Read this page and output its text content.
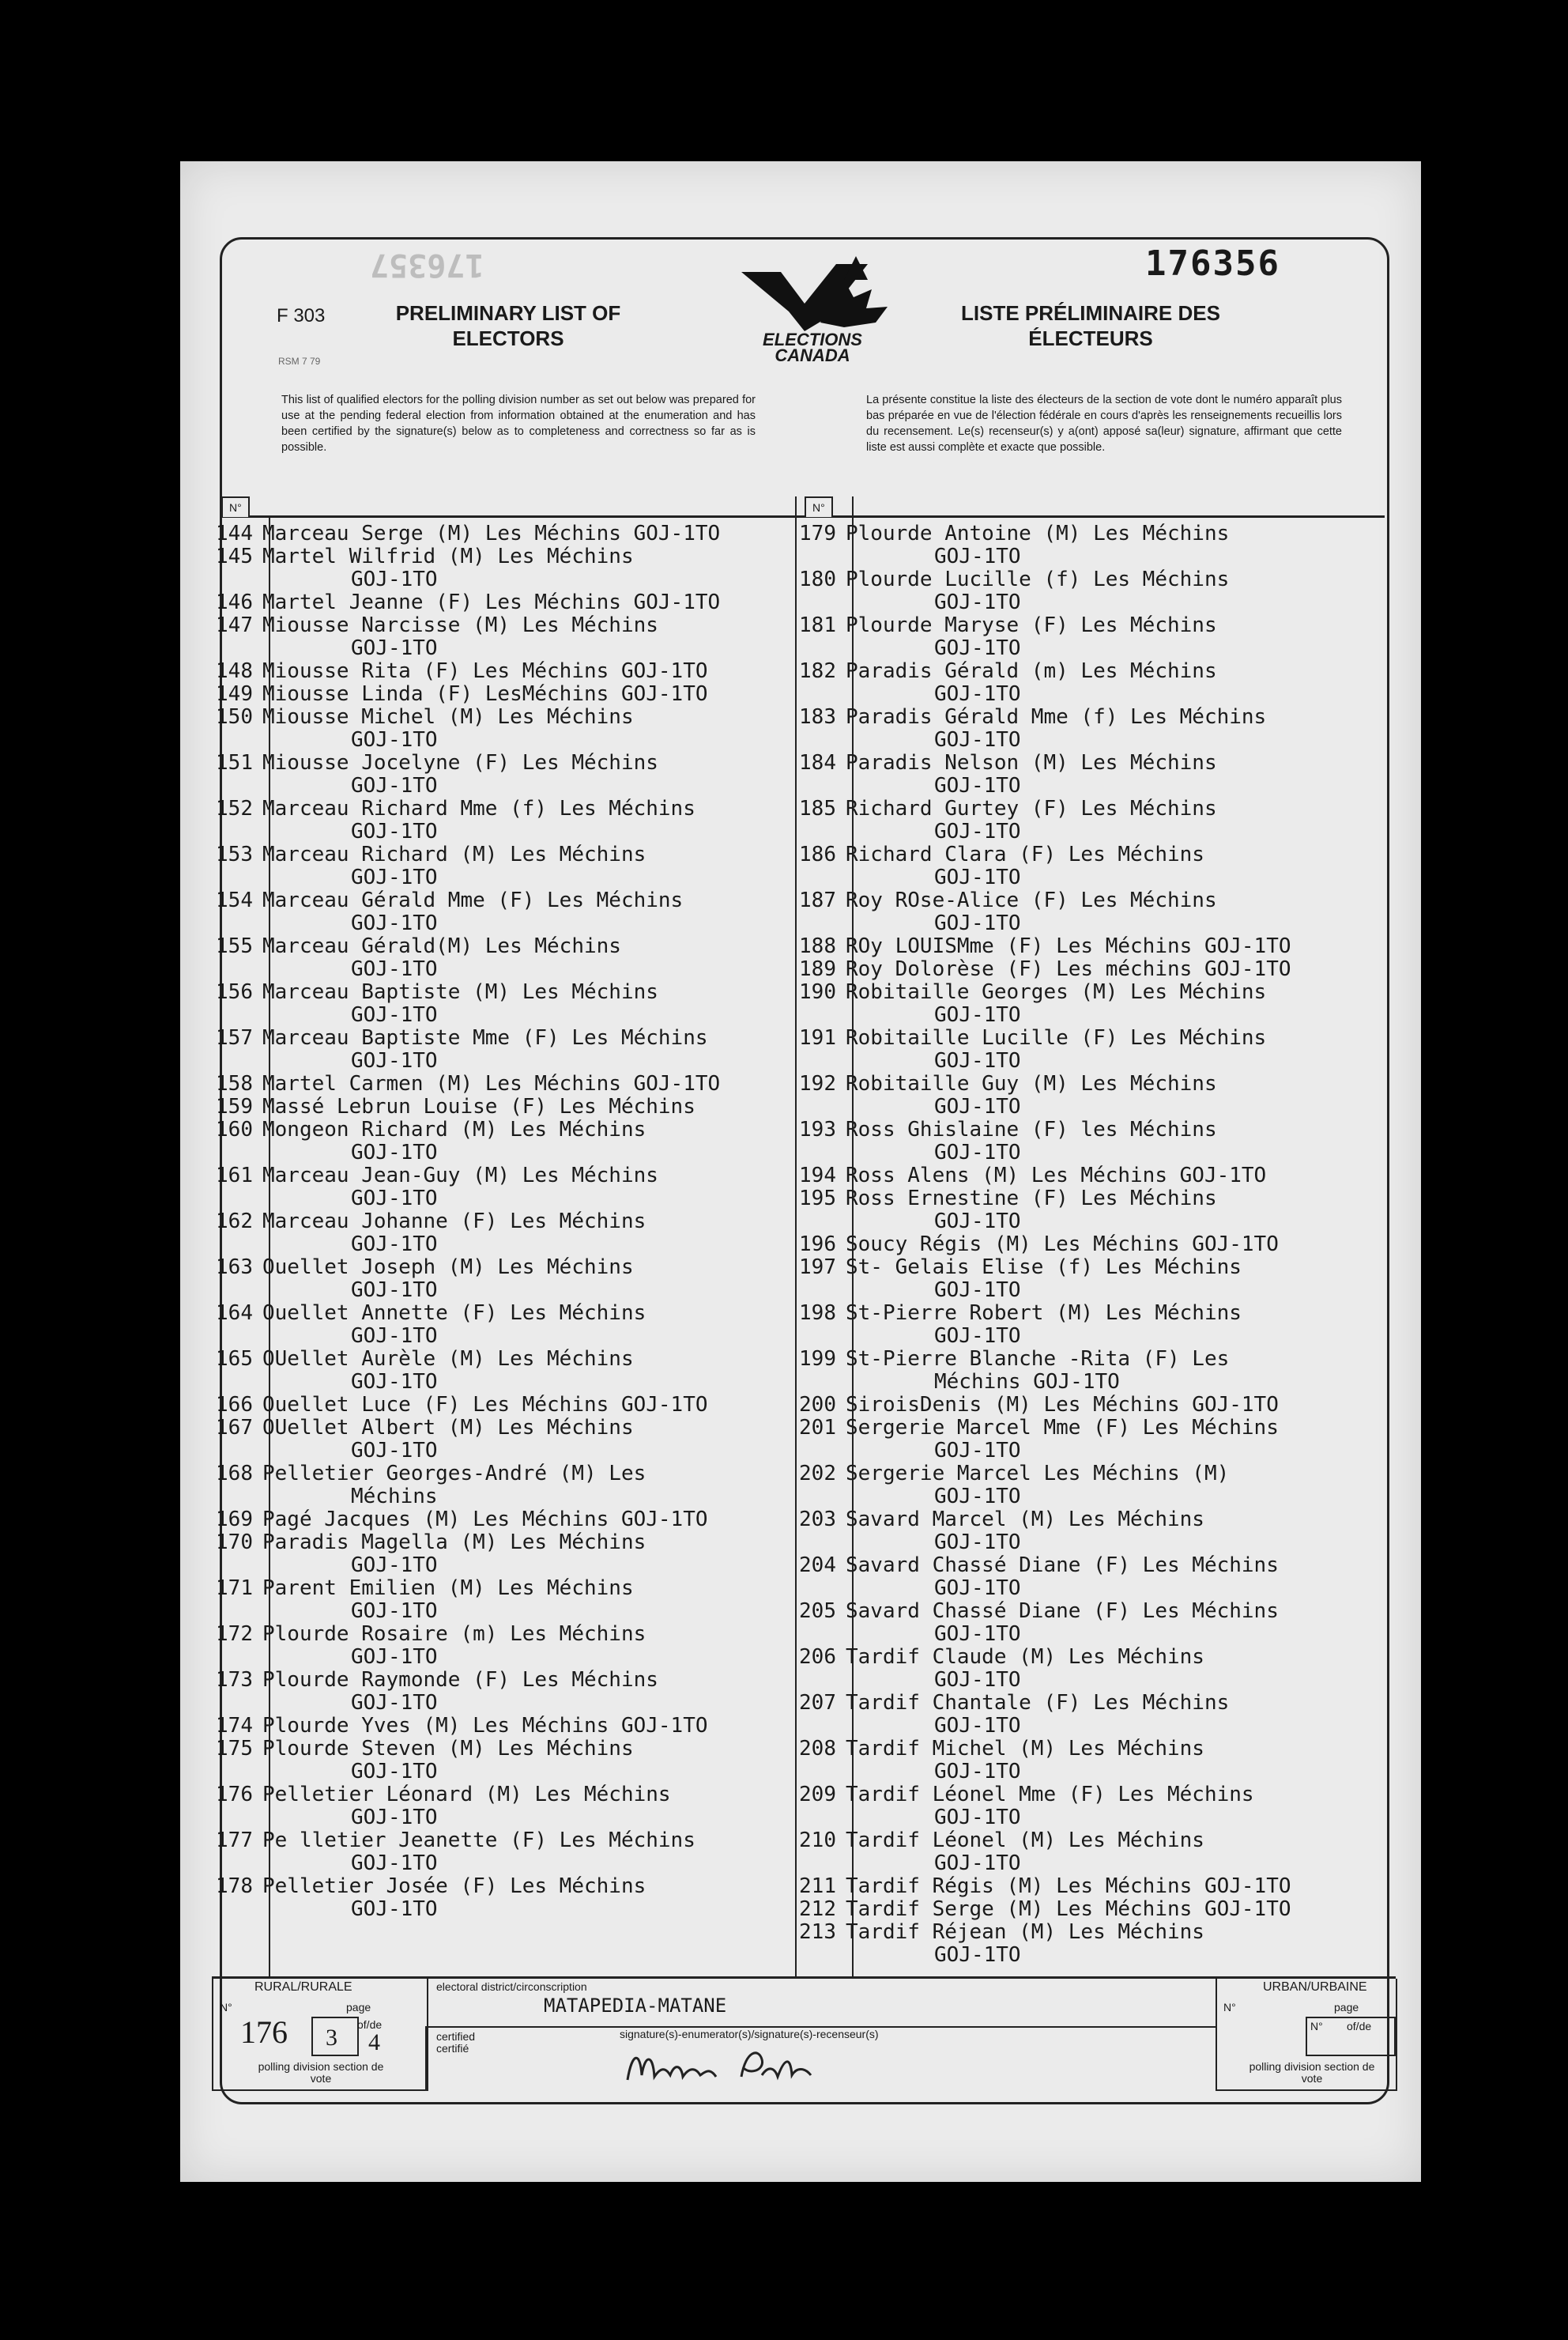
176357	176356
F 303
RSM 7 79
PRELIMINARY LIST OF ELECTORS
LISTE PRÉLIMINAIRE DES ÉLECTEURS
ELECTIONS
CANADA
This list of qualified electors for the polling division number as set out below was prepared for use at the pending federal election from information obtained at the enumeration and has been certified by the signature(s) below as to completeness and correctness so far as is possible.
La présente constitue la liste des électeurs de la section de vote dont le numéro apparaît plus bas préparée en vue de l'élection fédérale en cours d'après les renseignements recueillis lors du recensement. Le(s) recenseur(s) y a(ont) apposé sa(leur) signature, affirmant que cette liste est aussi complète et exacte que possible.
N°	N°
144 Marceau Serge (M) Les Méchins GOJ-1TO
145 Martel Wilfrid (M) Les Méchins
GOJ-1TO
146 Martel Jeanne (F) Les Méchins GOJ-1TO
147 Miousse Narcisse (M) Les Méchins
GOJ-1TO
148 Miousse Rita (F) Les Méchins GOJ-1TO
149 Miousse Linda (F) LesMéchins GOJ-1TO
150 Miousse Michel (M) Les Méchins
GOJ-1TO
151 Miousse Jocelyne (F) Les Méchins
GOJ-1TO
152 Marceau Richard Mme (f) Les Méchins
GOJ-1TO
153 Marceau Richard (M) Les Méchins
GOJ-1TO
154 Marceau Gérald Mme (F) Les Méchins
GOJ-1TO
155 Marceau Gérald(M) Les Méchins
GOJ-1TO
156 Marceau Baptiste (M) Les Méchins
GOJ-1TO
157 Marceau Baptiste Mme (F) Les Méchins
GOJ-1TO
158 Martel Carmen (M) Les Méchins GOJ-1TO
159 Massé Lebrun Louise (F) Les Méchins
160 Mongeon Richard (M) Les Méchins
GOJ-1TO
161 Marceau Jean-Guy (M) Les Méchins
GOJ-1TO
162 Marceau Johanne (F) Les Méchins
GOJ-1TO
163 Ouellet Joseph (M) Les Méchins
GOJ-1TO
164 Ouellet Annette (F) Les Méchins
GOJ-1TO
165 OUellet Aurèle (M) Les Méchins
GOJ-1TO
166 Ouellet Luce (F) Les Méchins GOJ-1TO
167 OUellet Albert (M) Les Méchins
GOJ-1TO
168 Pelletier Georges-André (M) Les
Méchins
169 Pagé Jacques (M) Les Méchins GOJ-1TO
170 Paradis Magella (M) Les Méchins
GOJ-1TO
171 Parent Emilien (M) Les Méchins
GOJ-1TO
172 Plourde Rosaire (m) Les Méchins
GOJ-1TO
173 Plourde Raymonde (F) Les Méchins
GOJ-1TO
174 Plourde Yves (M) Les Méchins GOJ-1TO
175 Plourde Steven (M) Les Méchins
GOJ-1TO
176 Pelletier Léonard (M) Les Méchins
GOJ-1TO
177 Pe lletier Jeanette (F) Les Méchins
GOJ-1TO
178 Pelletier Josée (F) Les Méchins
GOJ-1TO
179 Plourde Antoine (M) Les Méchins
GOJ-1TO
180 Plourde Lucille (f) Les Méchins
GOJ-1TO
181 Plourde Maryse (F) Les Méchins
GOJ-1TO
182 Paradis Gérald (m) Les Méchins
GOJ-1TO
183 Paradis Gérald Mme (f) Les Méchins
GOJ-1TO
184 Paradis Nelson (M) Les Méchins
GOJ-1TO
185 Richard Gurtey (F) Les Méchins
GOJ-1TO
186 Richard Clara (F) Les Méchins
GOJ-1TO
187 Roy ROse-Alice (F) Les Méchins
GOJ-1TO
188 ROy LOUISMme (F) Les Méchins GOJ-1TO
189 Roy Dolorèse (F) Les méchins GOJ-1TO
190 Robitaille Georges (M) Les Méchins
GOJ-1TO
191 Robitaille Lucille (F) Les Méchins
GOJ-1TO
192 Robitaille Guy (M) Les Méchins
GOJ-1TO
193 Ross Ghislaine (F) les Méchins
GOJ-1TO
194 Ross Alens (M) Les Méchins GOJ-1TO
195 Ross Ernestine (F) Les Méchins
GOJ-1TO
196 Soucy Régis (M) Les Méchins GOJ-1TO
197 St- Gelais Elise (f) Les Méchins
GOJ-1TO
198 St-Pierre Robert (M) Les Méchins
GOJ-1TO
199 St-Pierre Blanche -Rita (F) Les
Méchins GOJ-1TO
200 SiroisDenis (M) Les Méchins GOJ-1TO
201 Sergerie Marcel Mme (F) Les Méchins
GOJ-1TO
202 Sergerie Marcel Les Méchins (M)
GOJ-1TO
203 Savard Marcel (M) Les Méchins
GOJ-1TO
204 Savard Chassé Diane (F) Les Méchins
GOJ-1TO
205 Savard Chassé Diane (F) Les Méchins
GOJ-1TO
206 Tardif Claude (M) Les Méchins
GOJ-1TO
207 Tardif Chantale (F) Les Méchins
GOJ-1TO
208 Tardif Michel (M) Les Méchins
GOJ-1TO
209 Tardif Léonel Mme (F) Les Méchins
GOJ-1TO
210 Tardif Léonel (M) Les Méchins
GOJ-1TO
211 Tardif Régis (M) Les Méchins GOJ-1TO
212 Tardif Serge (M) Les Méchins GOJ-1TO
213 Tardif Réjean (M) Les Méchins
GOJ-1TO
RURAL/RURALE
N°	page
176 3 of/de
4
polling division section de vote
electoral district/circonscription
MATAPEDIA-MATANE
certified certifié
signature(s)-enumerator(s)/signature(s)-recenseur(s)
URBAN/URBAINE
N°	page
N° of/de
polling division section de vote
